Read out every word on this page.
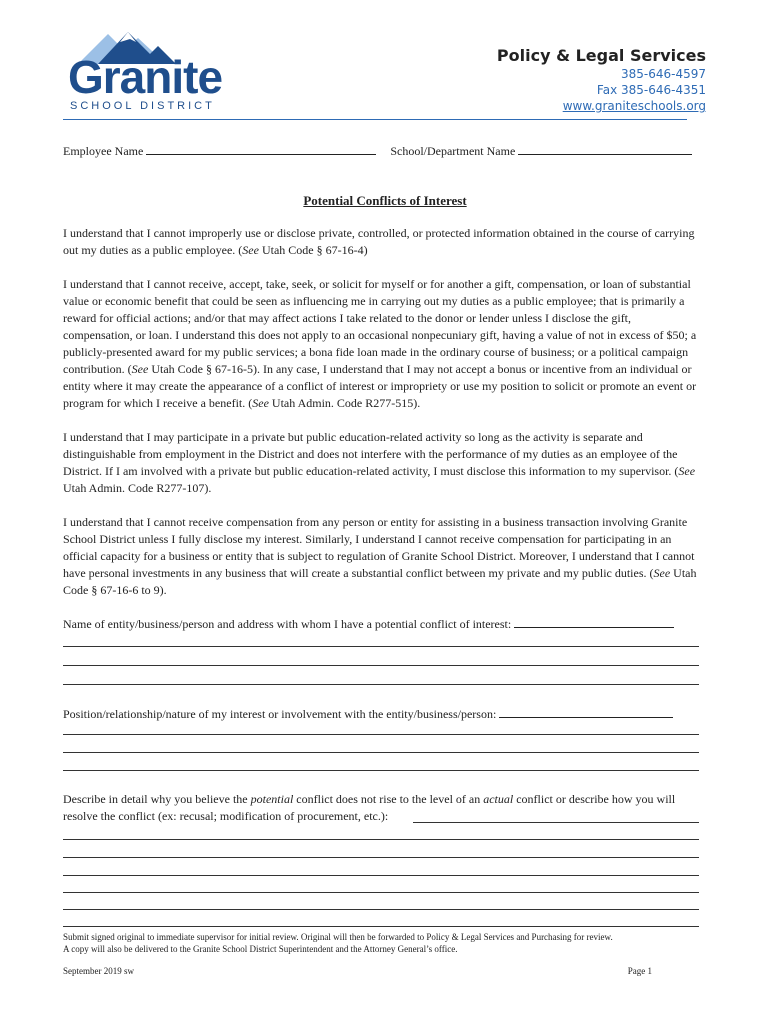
Granite
SCHOOL DISTRICT
Policy & Legal Services
385-646-4597
Fax 385-646-4351
www.graniteschools.org
Employee Name	School/Department Name
Potential Conflicts of Interest

I understand that I cannot improperly use or disclose private, controlled, or protected information obtained in the course of carrying out my duties as a public employee. (See Utah Code § 67-16-4)

I understand that I cannot receive, accept, take, seek, or solicit for myself or for another a gift, compensation, or loan of substantial value or economic benefit that could be seen as influencing me in carrying out my duties as a public employee; that is primarily a reward for official actions; and/or that may affect actions I take related to the donor or lender unless I disclose the gift, compensation, or loan. I understand this does not apply to an occasional nonpecuniary gift, having a value of not in excess of $50; a publicly-presented award for my public services; a bona fide loan made in the ordinary course of business; or a political campaign contribution. (See Utah Code § 67-16-5). In any case, I understand that I may not accept a bonus or incentive from an individual or entity where it may create the appearance of a conflict of interest or impropriety or use my position to solicit or promote an event or program for which I receive a benefit. (See Utah Admin. Code R277-515).

I understand that I may participate in a private but public education-related activity so long as the activity is separate and distinguishable from employment in the District and does not interfere with the performance of my duties as an employee of the District. If I am involved with a private but public education-related activity, I must disclose this information to my supervisor. (See Utah Admin. Code R277-107).

I understand that I cannot receive compensation from any person or entity for assisting in a business transaction involving Granite School District unless I fully disclose my interest. Similarly, I understand I cannot receive compensation for participating in an official capacity for a business or entity that is subject to regulation of Granite School District. Moreover, I understand that I cannot have personal investments in any business that will create a substantial conflict between my private and my public duties. (See Utah Code § 67-16-6 to 9).

Name of entity/business/person and address with whom I have a potential conflict of interest:
Position/relationship/nature of my interest or involvement with the entity/business/person:

Describe in detail why you believe the potential conflict does not rise to the level of an actual conflict or describe how you will resolve the conflict (ex: recusal; modification of procurement, etc.):

Submit signed original to immediate supervisor for initial review. Original will then be forwarded to Policy & Legal Services and Purchasing for review.
A copy will also be delivered to the Granite School District Superintendent and the Attorney General’s office.
September 2019 sw	Page 1
